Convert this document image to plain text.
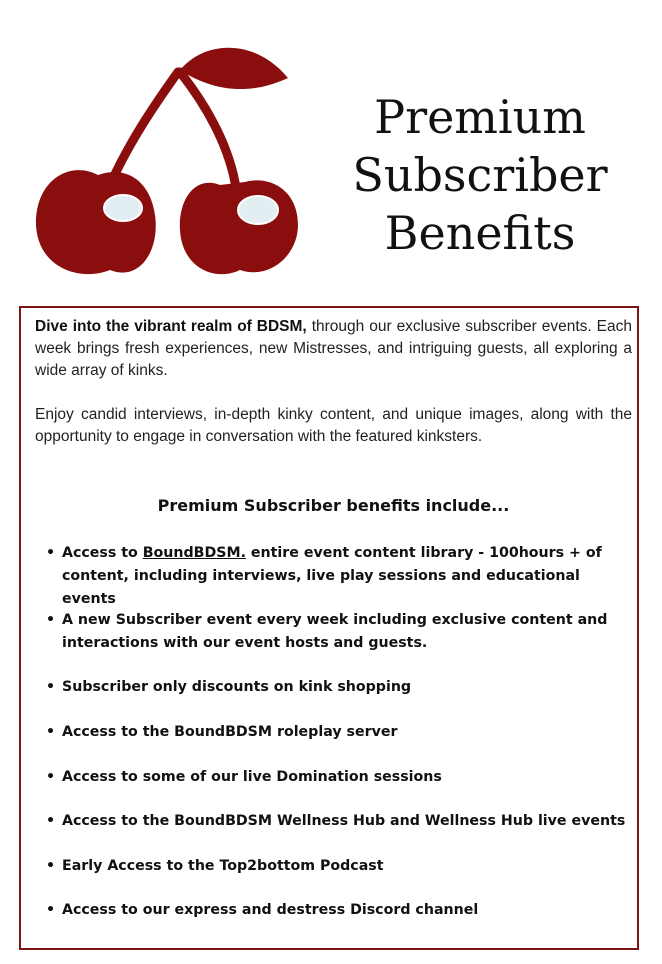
Premium
Subscriber
Benefits

Dive into the vibrant realm of BDSM, through our exclusive subscriber events. Each week brings fresh experiences, new Mistresses, and intriguing guests, all exploring a wide array of kinks.

Enjoy candid interviews, in-depth kinky content, and unique images, along with the opportunity to engage in conversation with the featured kinksters.

Premium Subscriber benefits include...
• Access to BoundBDSM. entire event content library - 100hours + of content, including interviews, live play sessions and educational events
• A new Subscriber event every week including exclusive content and interactions with our event hosts and guests.
• Subscriber only discounts on kink shopping
• Access to the BoundBDSM roleplay server
• Access to some of our live Domination sessions
• Access to the BoundBDSM Wellness Hub and Wellness Hub live events
• Early Access to the Top2bottom Podcast
• Access to our express and destress Discord channel
